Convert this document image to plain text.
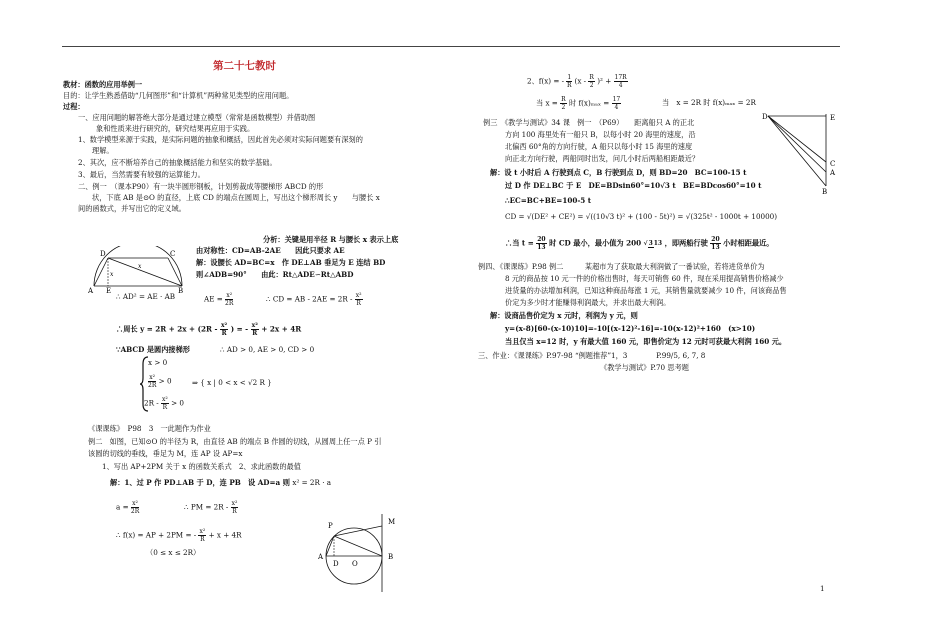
第二十七教时
教材：函数的应用举例一
目的：让学生熟悉借助“几何图形”和“计算机”两种常见类型的应用问题。
过程：
一、应用问题的解答绝大部分是通过建立模型（常常是函数模型）并借助图
象和性质来进行研究的，研究结果再应用于实践。
1、数学模型来源于实践，是实际问题的抽象和概括，因此首先必须对实际问题要有深刻的
理解。
2、其次，应不断培养自己的抽象概括能力和坚实的数学基础。
3、最后，当然需要有较强的运算能力。
二、例一　（课本P90）有一块半圆形钢板，计划剪裁成等腰梯形 ABCD 的形
状，下底 AB 是⊙O 的直径，上底 CD 的端点在圆周上，写出这个梯形周长 y　　与腰长 x
间的函数式，并写出它的定义域。
D	C
x
x
A E	B
分析：关键是用半径 R 与腰长 x 表示上底
由对称性：CD=AB-2AE　　因此只要求 AE
解：设腰长 AD=BC=x　作 DE⊥AB 垂足为 E 连结 BD
则∠ADB=90°　　由此：Rt△ADE∽Rt△ABD
∴ AD² = AE · AB	AE = $\frac{\text{x²}}{2R}$	∴ CD = AB - $2AE = 2R - \frac{\text{x²}}{R}$
∴周长 $y = 2R + 2x + (2R - \frac{\text{x²}}{R}$ ) = - $\frac{\text{x²}}{R} + 2x + 4R$
∵ABCD 是圆内接梯形	∴ AD > 0, AE > 0, CD > 0
x > 0
$\frac{\text{x²}}{2R} > 0$
$2R - \frac{\text{x²}}{R} > 0$
⇒ { x | 0 < x < √2 R }
《课课练》　P98　3　一此题作为作业
例二　如图，已知⊙O 的半径为 R，由直径 AB 的端点 B 作圆的切线，从圆周上任一点 P 引
该圆的切线的垂线，垂足为 M，连 AP 设 AP=x
1、写出 AP+2PM 关于 x 的函数关系式　2、求此函数的最值
解：1、过 P 作 PD⊥AB 于 D，连 PB　设 AD=a 则 x² = 2R · a
$a = \frac{\text{x²}}{2R}$	∴ PM = $2R - \frac{\text{x²}}{R}$
∴ f(x) = AP + 2PM = - $\frac{\text{x²}}{R} + x + 4R$
（0 ≤ x ≤ 2R）
P	M
A
D O
B
2、f(x) = - $\frac{1}{R} (x - \frac{R}{2} )^2 + \frac{17R}{4}$
当 $x = \frac{R}{2}$ 时 $f(x)_{max} = \frac{17}{4}$	当　x = 2R 时 f(x)ₘₐₓ = 2R
例三　《教学与测试》34 课　例一　（P69）　　距离船只 A 的正北
方向 100 海里处有一船只 B，以每小时 20 海里的速度，沿
北偏西 60°角的方向行驶，A 船只以每小时 15 海里的速度
向正北方向行驶，两船同时出发，问几小时后两船相距最近？
解：设 t 小时后 A 行驶到点 C，B 行驶到点 D，则 BD=20　BC=100-15 t
过 D 作 DE⊥BC 于 E　DE=BDsin60°=10√3 t　BE=BDcos60°=10 t
∴EC=BC+BE=100-5 t
CD = √(DE² + CE²) = √((10√3 t)² + (100 - 5t)²) = √(325t² - 1000t + 10000)
∴当 $t = \frac{20}{13}$ 时 CD 最小，最小值为 200 √313 ，即两船行驶 $\frac{20}{13}$ 小时相距最近。
D	E
C
A
B
例四、《课课练》P.98 例二　　　某超市为了获取最大利润做了一番试验，若将进货单价为
8 元的商品按 10 元一件的价格出售时，每天可销售 60 件，现在采用提高销售价格减少
进货量的办法增加利润，已知这种商品每涨 1 元，其销售量就要减少 10 件，问该商品售
价定为多少时才能赚得利润最大，并求出最大利润。
解：设商品售价定为 x 元时，利润为 y 元，则
y=(x-8)[60-(x-10)10]=-10[(x-12)²-16]=-10(x-12)²+160　(x>10)
当且仅当 x=12 时，y 有最大值 160 元，即售价定为 12 元时可获最大利润 160 元。
三、作业：《课课练》P.97-98 “例题推荐”1，3　　　　P.99/5, 6, 7, 8
《教学与测试》P.70 思考题
1
